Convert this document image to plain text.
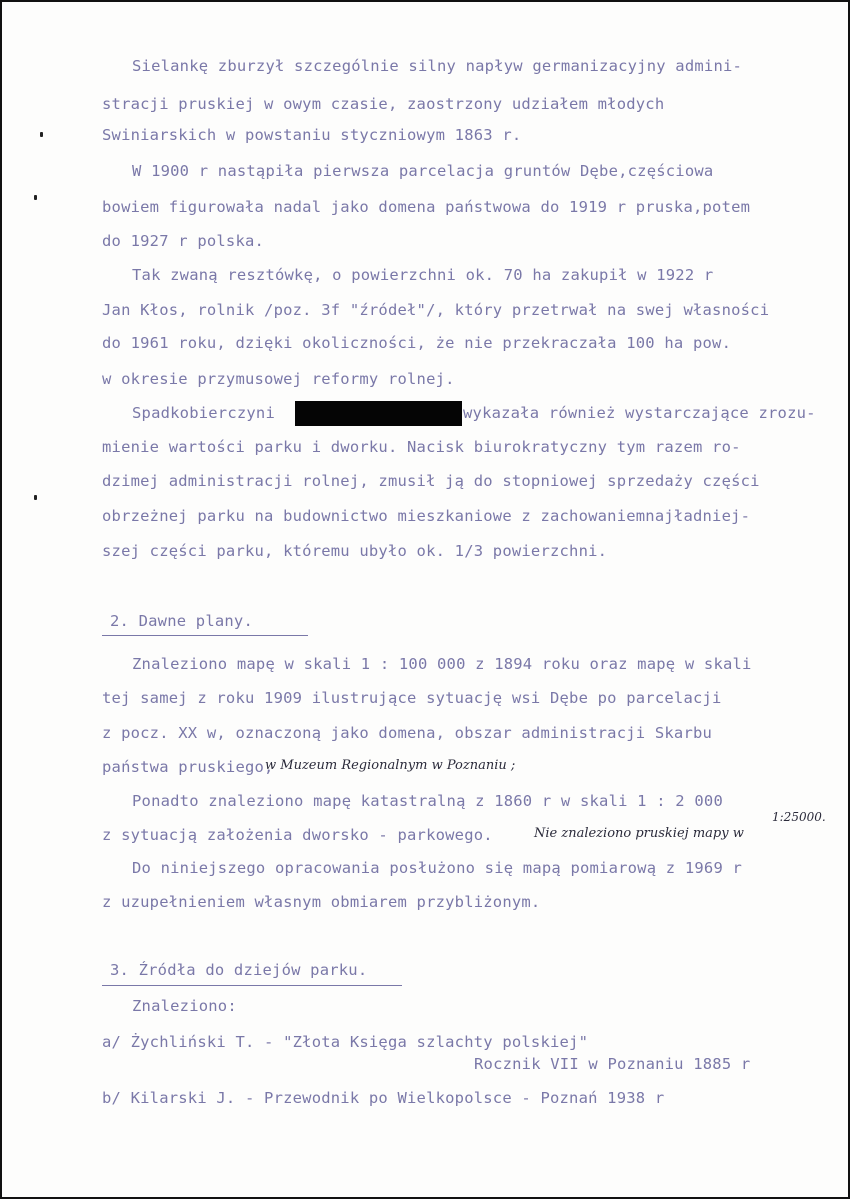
Sielankę zburzył szczególnie silny napływ germanizacyjny admini-
stracji pruskiej w owym czasie, zaostrzony udziałem młodych
Swiniarskich w powstaniu styczniowym 1863 r.
W 1900 r nastąpiła pierwsza parcelacja gruntów Dębe,częściowa
bowiem figurowała nadal jako domena państwowa do 1919 r pruska,potem
do 1927 r polska.
Tak zwaną resztówkę, o powierzchni ok. 70 ha zakupił w 1922 r
Jan Kłos, rolnik /poz. 3f "źródeł"/, który przetrwał na swej własności
do 1961 roku, dzięki okoliczności, że nie przekraczała 100 ha pow.
w okresie przymusowej reformy rolnej.
Spadkobierczyni	wykazała również wystarczające zrozu-
mienie wartości parku i dworku. Nacisk biurokratyczny tym razem ro-
dzimej administracji rolnej, zmusił ją do stopniowej sprzedaży części
obrzeżnej parku na budownictwo mieszkaniowe z zachowaniemnajładniej-
szej części parku, któremu ubyło ok. 1/3 powierzchni.
2. Dawne plany.
Znaleziono mapę w skali 1 : 100 000 z 1894 roku oraz mapę w skali
tej samej z roku 1909 ilustrujące sytuację wsi Dębe po parcelacji
z pocz. XX w, oznaczoną jako domena, obszar administracji Skarbu
państwa pruskiego,
w Muzeum Regionalnym w Poznaniu ;
Ponadto znaleziono mapę katastralną z 1860 r w skali 1 : 2 000
1:25000.
z sytuacją założenia dworsko - parkowego.	Nie znaleziono pruskiej mapy w
Do niniejszego opracowania posłużono się mapą pomiarową z 1969 r
z uzupełnieniem własnym obmiarem przybliżonym.
3. Źródła do dziejów parku.
Znaleziono:
a/ Żychliński T. - "Złota Księga szlachty polskiej"
Rocznik VII w Poznaniu 1885 r
b/ Kilarski J. - Przewodnik po Wielkopolsce - Poznań 1938 r
